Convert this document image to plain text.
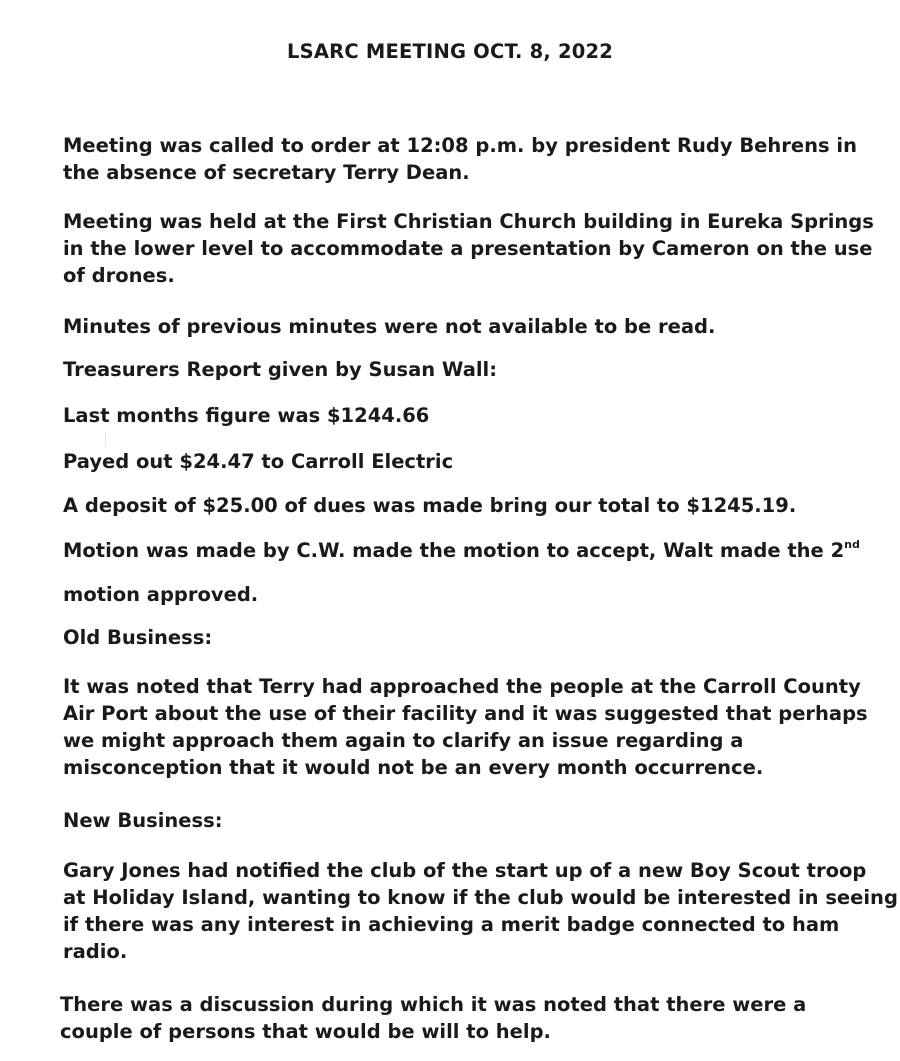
LSARC MEETING OCT. 8, 2022
Meeting was called to order at 12:08 p.m. by president Rudy Behrens in
the absence of secretary Terry Dean.
Meeting was held at the First Christian Church building in Eureka Springs
in the lower level to accommodate a presentation by Cameron on the use
of drones.
Minutes of previous minutes were not available to be read.
Treasurers Report given by Susan Wall:
Last months figure was $1244.66
Payed out $24.47 to Carroll Electric
A deposit of $25.00 of dues was made bring our total to $1245.19.
Motion was made by C.W. made the motion to accept, Walt made the 2nd
motion approved.
Old Business:
It was noted that Terry had approached the people at the Carroll County
Air Port about the use of their facility and it was suggested that perhaps
we might approach them again to clarify an issue regarding a
misconception that it would not be an every month occurrence.
New Business:
Gary Jones had notified the club of the start up of a new Boy Scout troop
at Holiday Island, wanting to know if the club would be interested in seeing
if there was any interest in achieving a merit badge connected to ham
radio.
There was a discussion during which it was noted that there were a
couple of persons that would be will to help.
